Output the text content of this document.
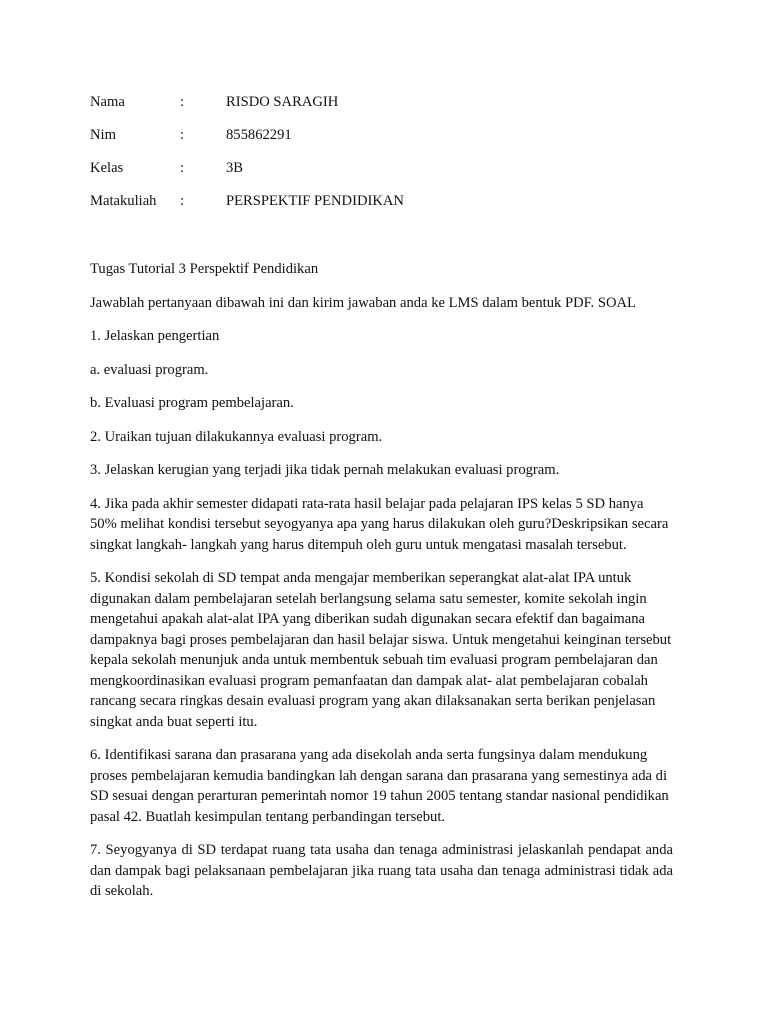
Nama	:	RISDO SARAGIH
Nim	:	855862291
Kelas	:	3B
Matakuliah :	PERSPEKTIF PENDIDIKAN

Tugas Tutorial 3 Perspektif Pendidikan

Jawablah pertanyaan dibawah ini dan kirim jawaban anda ke LMS dalam bentuk PDF. SOAL

1. Jelaskan pengertian

a. evaluasi program.

b. Evaluasi program pembelajaran.

2. Uraikan tujuan dilakukannya evaluasi program.

3. Jelaskan kerugian yang terjadi jika tidak pernah melakukan evaluasi program.

4. Jika pada akhir semester didapati rata-rata hasil belajar pada pelajaran IPS kelas 5 SD hanya 50% melihat kondisi tersebut seyogyanya apa yang harus dilakukan oleh guru?Deskripsikan secara singkat langkah- langkah yang harus ditempuh oleh guru untuk mengatasi masalah tersebut.

5. Kondisi sekolah di SD tempat anda mengajar memberikan seperangkat alat-alat IPA untuk digunakan dalam pembelajaran setelah berlangsung selama satu semester, komite sekolah ingin mengetahui apakah alat-alat IPA yang diberikan sudah digunakan secara efektif dan bagaimana dampaknya bagi proses pembelajaran dan hasil belajar siswa. Untuk mengetahui keinginan tersebut kepala sekolah menunjuk anda untuk membentuk sebuah tim evaluasi program pembelajaran dan mengkoordinasikan evaluasi program pemanfaatan dan dampak alat- alat pembelajaran cobalah rancang secara ringkas desain evaluasi program yang akan dilaksanakan serta berikan penjelasan singkat anda buat seperti itu.

6. Identifikasi sarana dan prasarana yang ada disekolah anda serta fungsinya dalam mendukung proses pembelajaran kemudia bandingkan lah dengan sarana dan prasarana yang semestinya ada di SD sesuai dengan perarturan pemerintah nomor 19 tahun 2005 tentang standar nasional pendidikan pasal 42. Buatlah kesimpulan tentang perbandingan tersebut.

7. Seyogyanya di SD terdapat ruang tata usaha dan tenaga administrasi jelaskanlah pendapat anda dan dampak bagi pelaksanaan pembelajaran jika ruang tata usaha dan tenaga administrasi tidak ada di sekolah.
